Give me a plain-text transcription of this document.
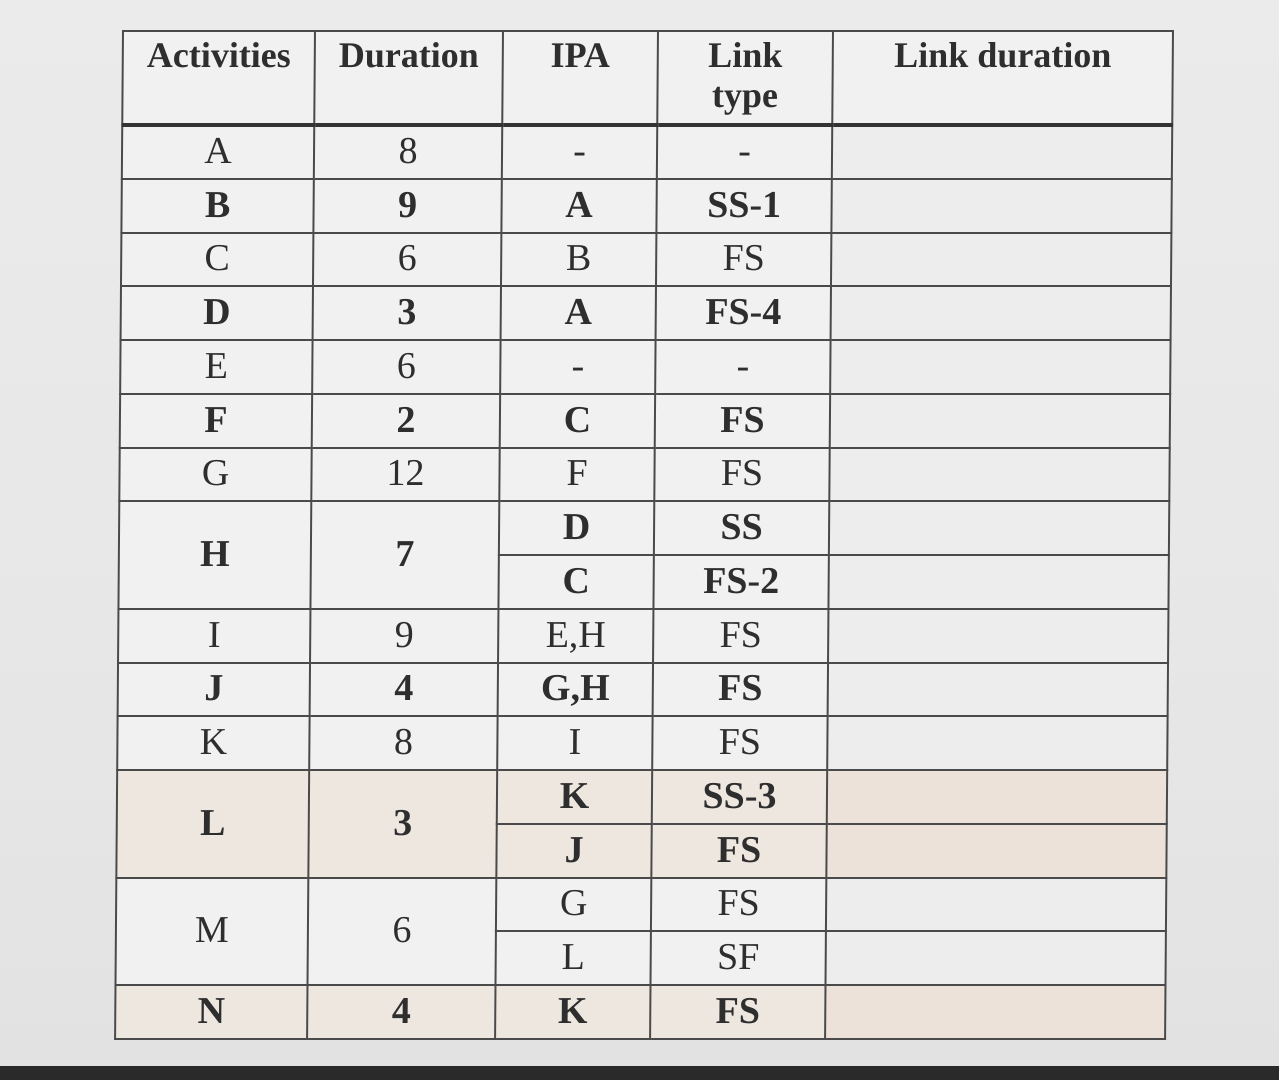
Activities	Duration	IPA	Link type	Link duration
A	8	-	-	
B	9	A	SS-1	
C	6	B	FS	
D	3	A	FS-4	
E	6	-	-	
F	2	C	FS	
G	12	F	FS	
H	7	D	SS	
		C	FS-2	
I	9	E,H	FS	
J	4	G,H	FS	
K	8	I	FS	
L	3	K	SS-3	
		J	FS	
M	6	G	FS	
		L	SF	
N	4	K	FS	
